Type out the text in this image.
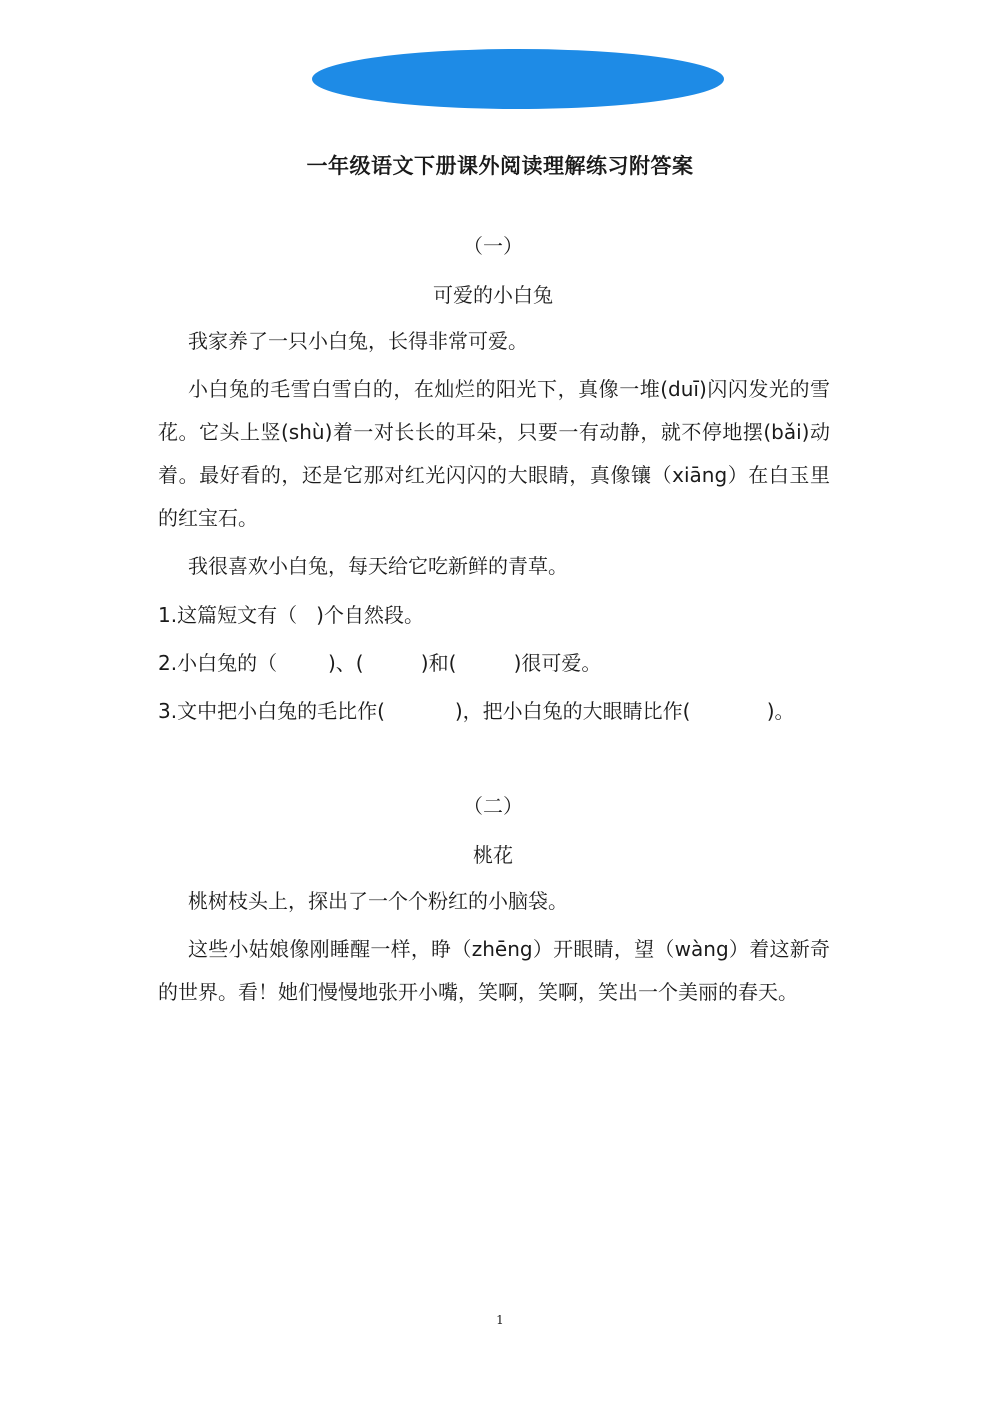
一年级语文下册课外阅读理解练习附答案
（一）
可爱的小白兔
我家养了一只小白兔，长得非常可爱。
小白兔的毛雪白雪白的，在灿烂的阳光下，真像一堆(duī)闪闪发光的雪花。它头上竖(shù)着一对长长的耳朵，只要一有动静，就不停地摆(bǎi)动着。最好看的，还是它那对红光闪闪的大眼睛，真像镶（xiāng）在白玉里的红宝石。
我很喜欢小白兔，每天给它吃新鲜的青草。
1.这篇短文有（   )个自然段。
2.小白兔的（        )、(         )和(         )很可爱。
3.文中把小白兔的毛比作(           )，把小白兔的大眼睛比作(            )。
（二）
桃花
桃树枝头上，探出了一个个粉红的小脑袋。
这些小姑娘像刚睡醒一样，睁（zhēng）开眼睛，望（wàng）着这新奇的世界。看！她们慢慢地张开小嘴，笑啊，笑啊，笑出一个美丽的春天。
1
